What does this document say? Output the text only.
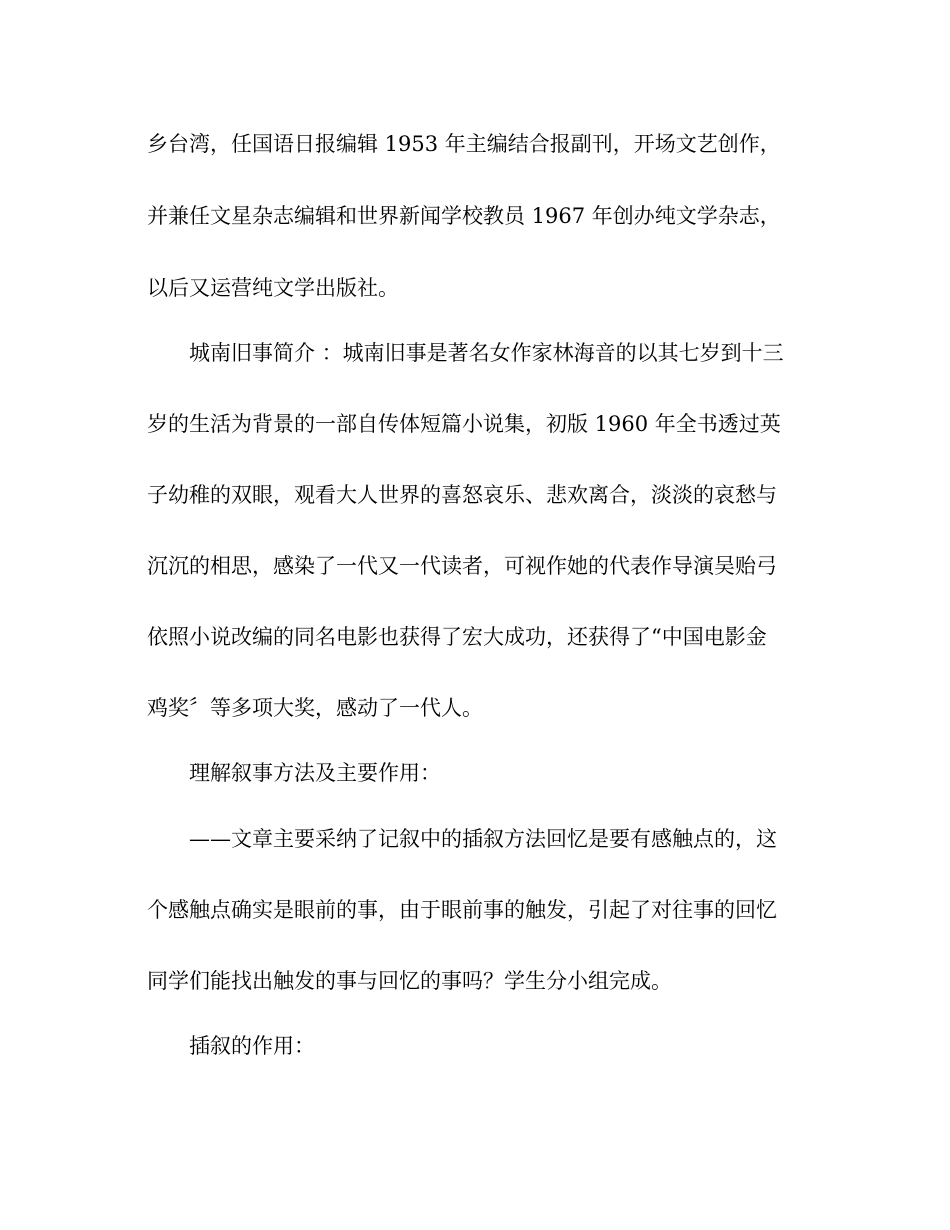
乡台湾，任国语日报编辑 1953 年主编结合报副刊，开场文艺创作，
并兼任文星杂志编辑和世界新闻学校教员 1967 年创办纯文学杂志，
以后又运营纯文学出版社。
城南旧事简介 ：城南旧事是著名女作家林海音的以其七岁到十三
岁的生活为背景的一部自传体短篇小说集，初版 1960 年全书透过英
子幼稚的双眼，观看大人世界的喜怒哀乐、悲欢离合，淡淡的哀愁与
沉沉的相思，感染了一代又一代读者，可视作她的代表作导演吴贻弓
依照小说改编的同名电影也获得了宏大成功，还获得了“中国电影金
鸡奖〞等多项大奖，感动了一代人。
理解叙事方法及主要作用：
——文章主要采纳了记叙中的插叙方法回忆是要有感触点的，这
个感触点确实是眼前的事，由于眼前事的触发，引起了对往事的回忆
同学们能找出触发的事与回忆的事吗？学生分小组完成。
插叙的作用：
